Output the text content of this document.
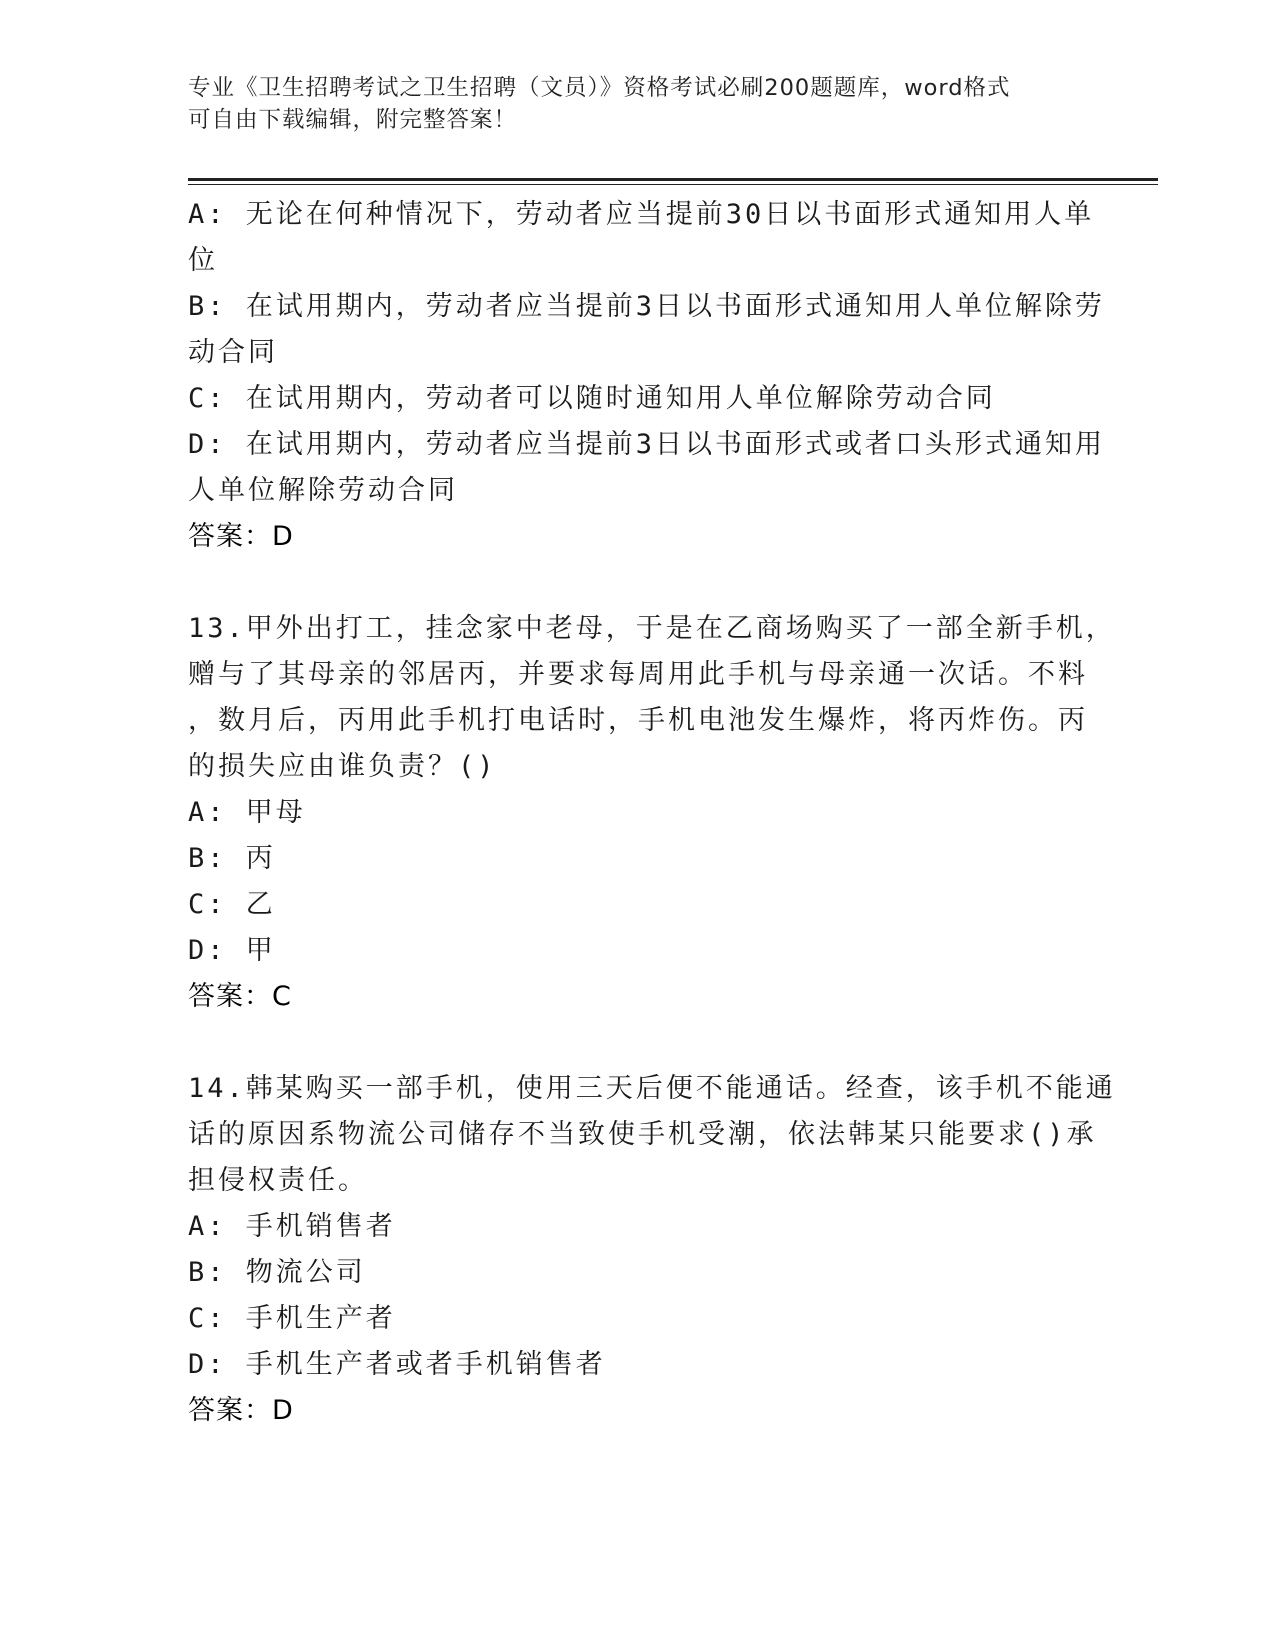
专业《卫生招聘考试之卫生招聘（文员）》资格考试必刷200题题库，word格式
可自由下载编辑，附完整答案！
A: 无论在何种情况下，劳动者应当提前30日以书面形式通知用人单
位
B: 在试用期内，劳动者应当提前3日以书面形式通知用人单位解除劳
动合同
C: 在试用期内，劳动者可以随时通知用人单位解除劳动合同
D: 在试用期内，劳动者应当提前3日以书面形式或者口头形式通知用
人单位解除劳动合同
答案：D
13.甲外出打工，挂念家中老母，于是在乙商场购买了一部全新手机，
赠与了其母亲的邻居丙，并要求每周用此手机与母亲通一次话。不料
，数月后，丙用此手机打电话时，手机电池发生爆炸，将丙炸伤。丙
的损失应由谁负责？()
A: 甲母
B: 丙
C: 乙
D: 甲
答案：C
14.韩某购买一部手机，使用三天后便不能通话。经查，该手机不能通
话的原因系物流公司储存不当致使手机受潮，依法韩某只能要求()承
担侵权责任。
A: 手机销售者
B: 物流公司
C: 手机生产者
D: 手机生产者或者手机销售者
答案：D
